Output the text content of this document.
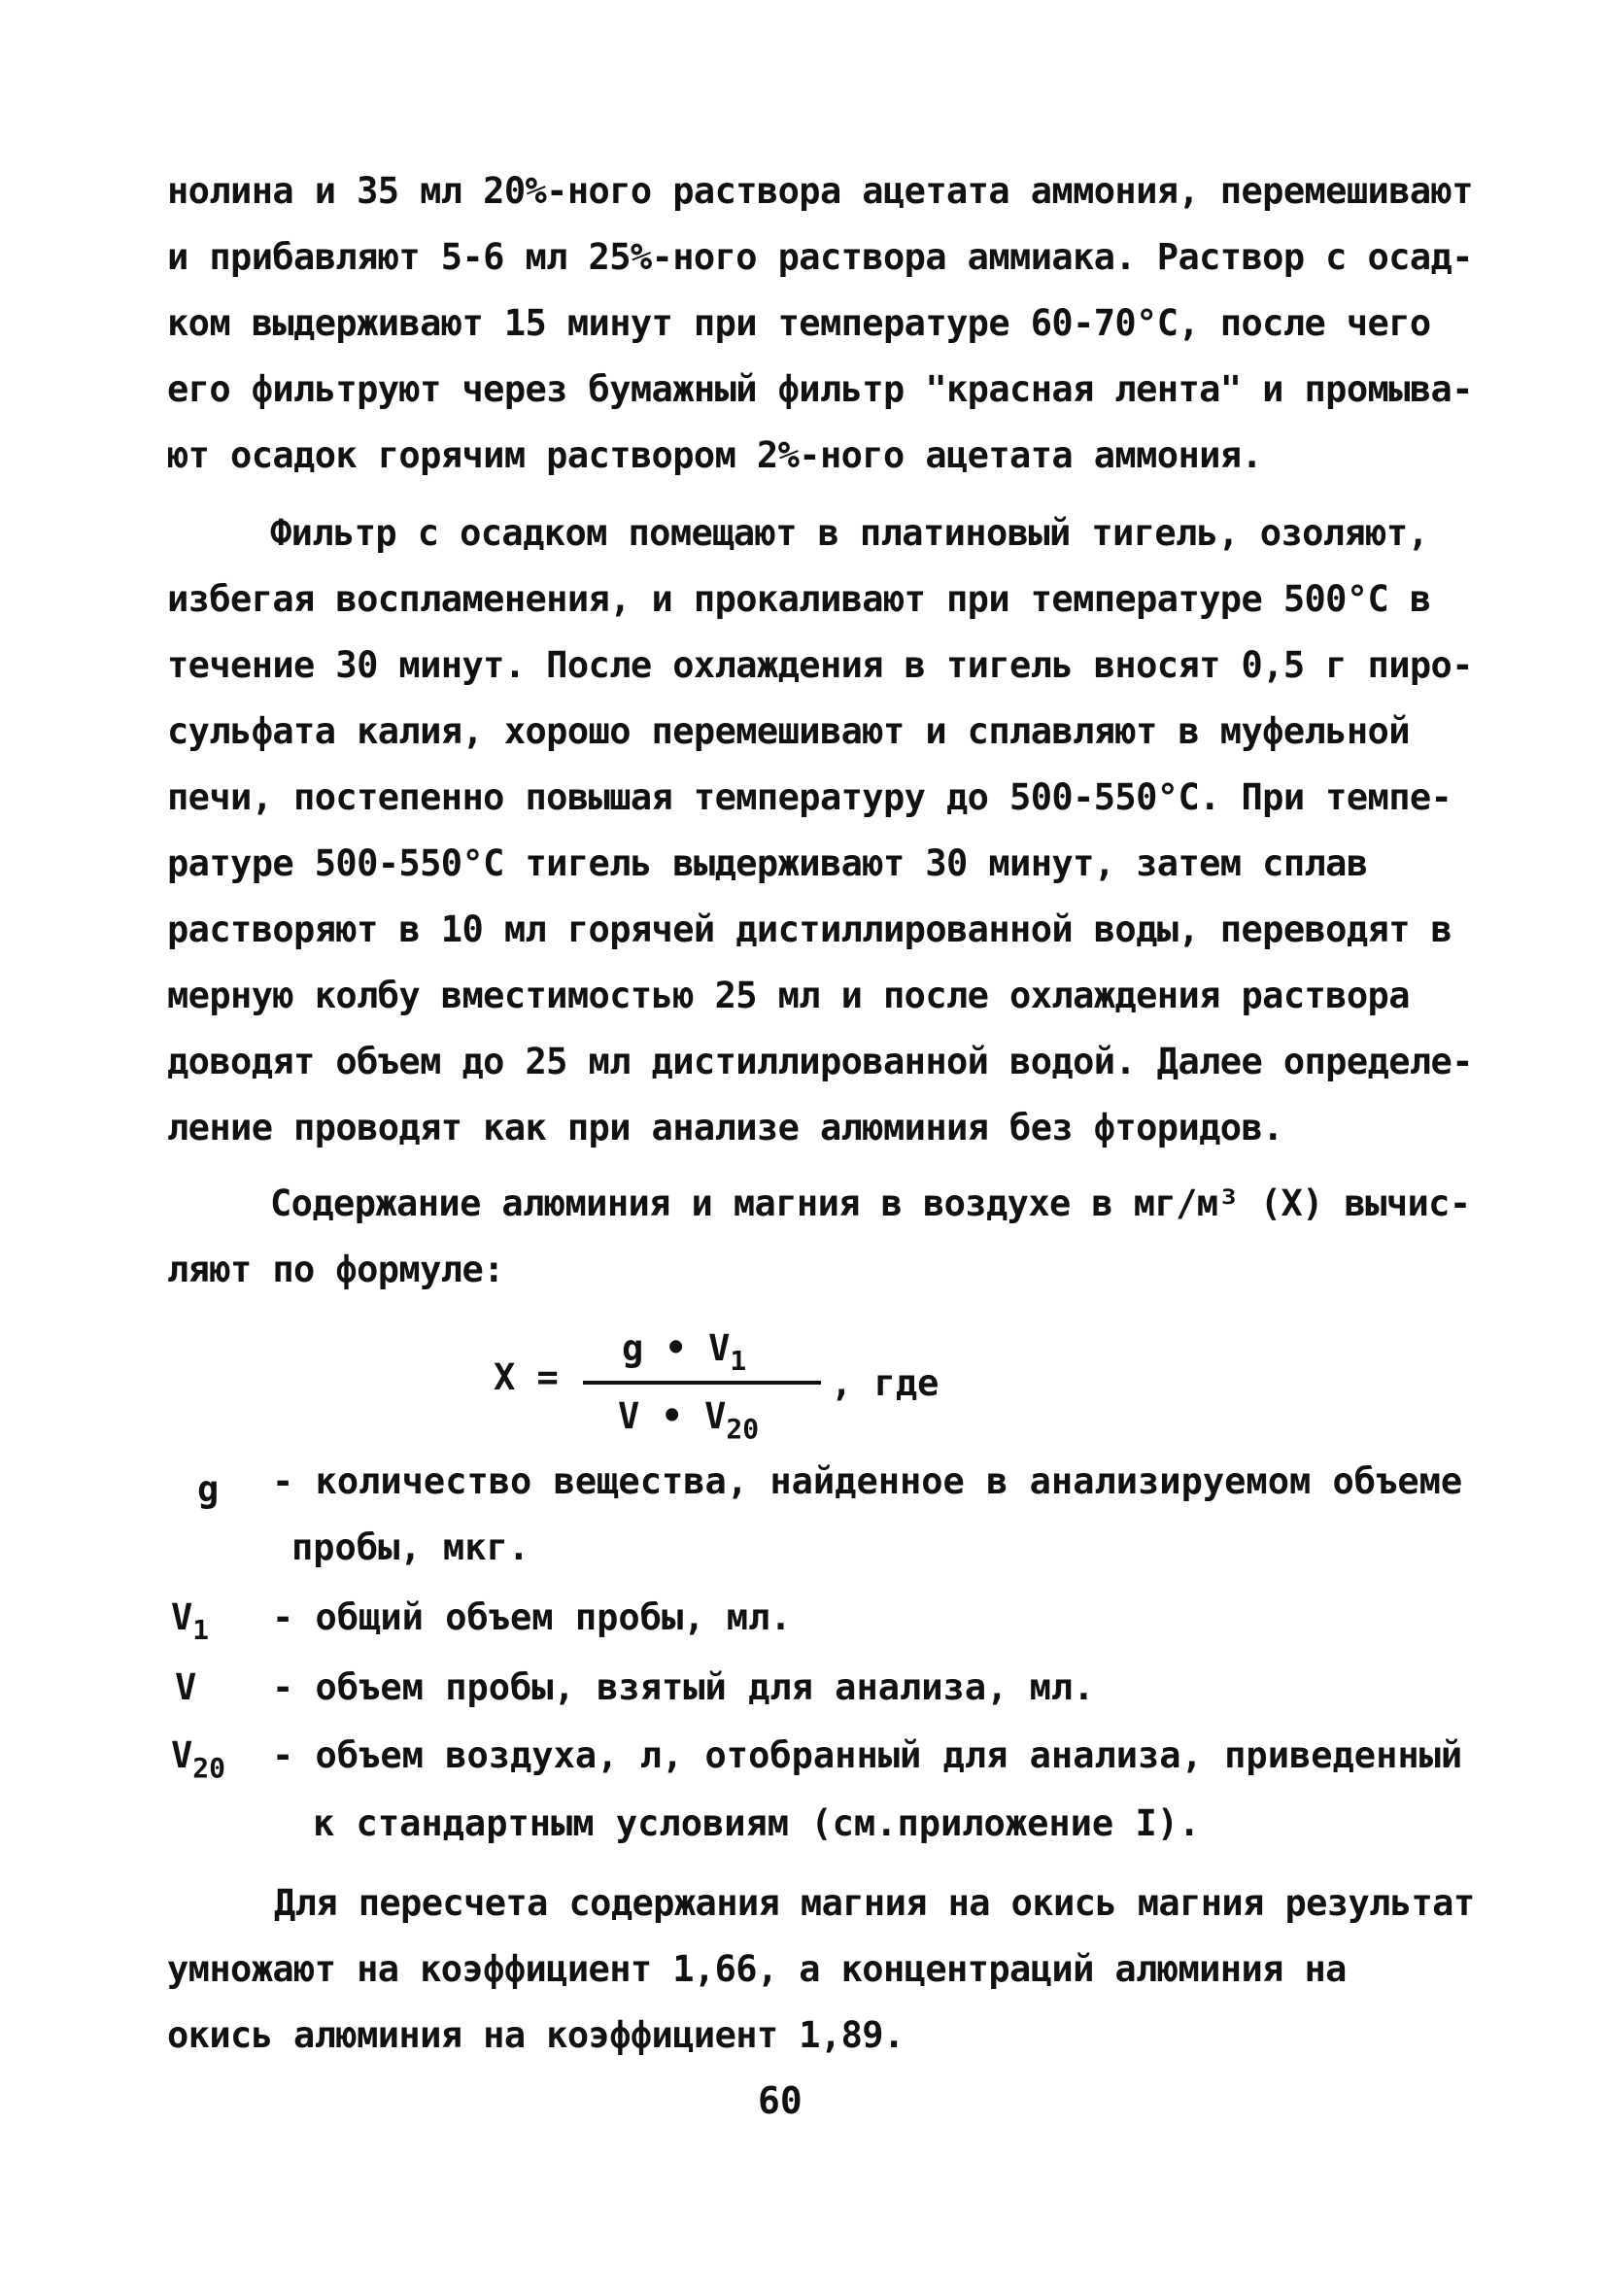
нолина и 35 мл 20%-ного раствора ацетата аммония, перемешивают
и прибавляют 5-6 мл 25%-ного раствора аммиака. Раствор с осад-
ком выдерживают 15 минут при температуре 60-70°С, после чего
его фильтруют через бумажный фильтр "красная лента" и промыва-
ют осадок горячим раствором 2%-ного ацетата аммония.
Фильтр с осадком помещают в платиновый тигель, озоляют,
избегая воспламенения, и прокаливают при температуре 500°С в
течение 30 минут. После охлаждения в тигель вносят 0,5 г пиро-
сульфата калия, хорошо перемешивают и сплавляют в муфельной
печи, постепенно повышая температуру до 500-550°С. При темпе-
ратуре 500-550°С тигель выдерживают 30 минут, затем сплав
растворяют в 10 мл горячей дистиллированной воды, переводят в
мерную колбу вместимостью 25 мл и после охлаждения раствора
доводят объем до 25 мл дистиллированной водой. Далее определе-
ление проводят как при анализе алюминия без фторидов.
Содержание алюминия и магния в воздухе в мг/м³ (Х) вычис-
ляют по формуле:
X =
g • $V_1$
V • $V_{20}$
, где
g - количество вещества, найденное в анализируемом объеме
пробы, мкг.
$V_1$ - общий объем пробы, мл.
V - объем пробы, взятый для анализа, мл.
$V_{20}$ - объем воздуха, л, отобранный для анализа, приведенный
к стандартным условиям (см.приложение I).
Для пересчета содержания магния на окись магния результат
умножают на коэффициент 1,66, а концентраций алюминия на
окись алюминия на коэффициент 1,89.
60
